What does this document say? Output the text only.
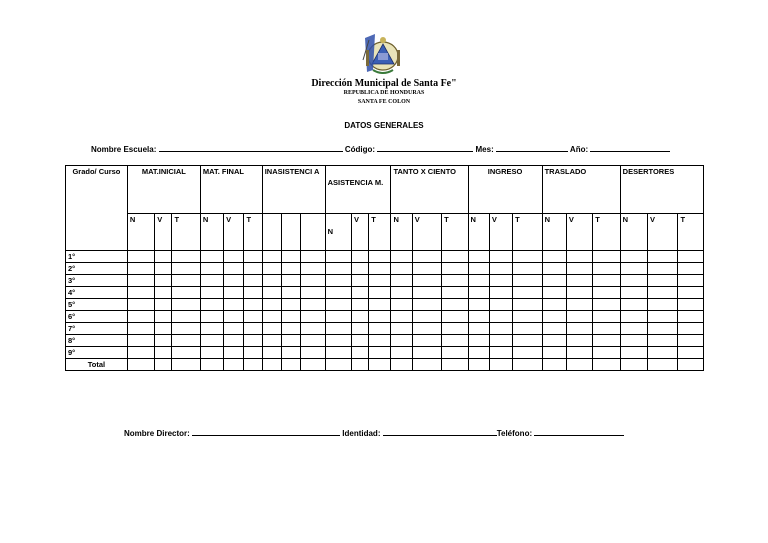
Dirección Municipal de Santa Fe"
REPUBLICA DE HONDURAS
SANTA FE COLON
DATOS GENERALES
Nombre Escuela:	Código:	Mes:	Año:
Grado/ Curso	MAT.INICIAL			MAT. FINAL			INASISTENCI A			ASISTENCIA M.			TANTO X CIENTO			INGRESO			TRASLADO			DESERTORES		
	N	V	T	N	V	T				N	V	T	N	V	T	N	V	T	N	V	T	N	V	T
1°																								
2°																								
3°																								
4°																								
5°																								
6°																								
7°																								
8°																								
9°																								
Total																								
Nombre Director:	Identidad:	Teléfono:
